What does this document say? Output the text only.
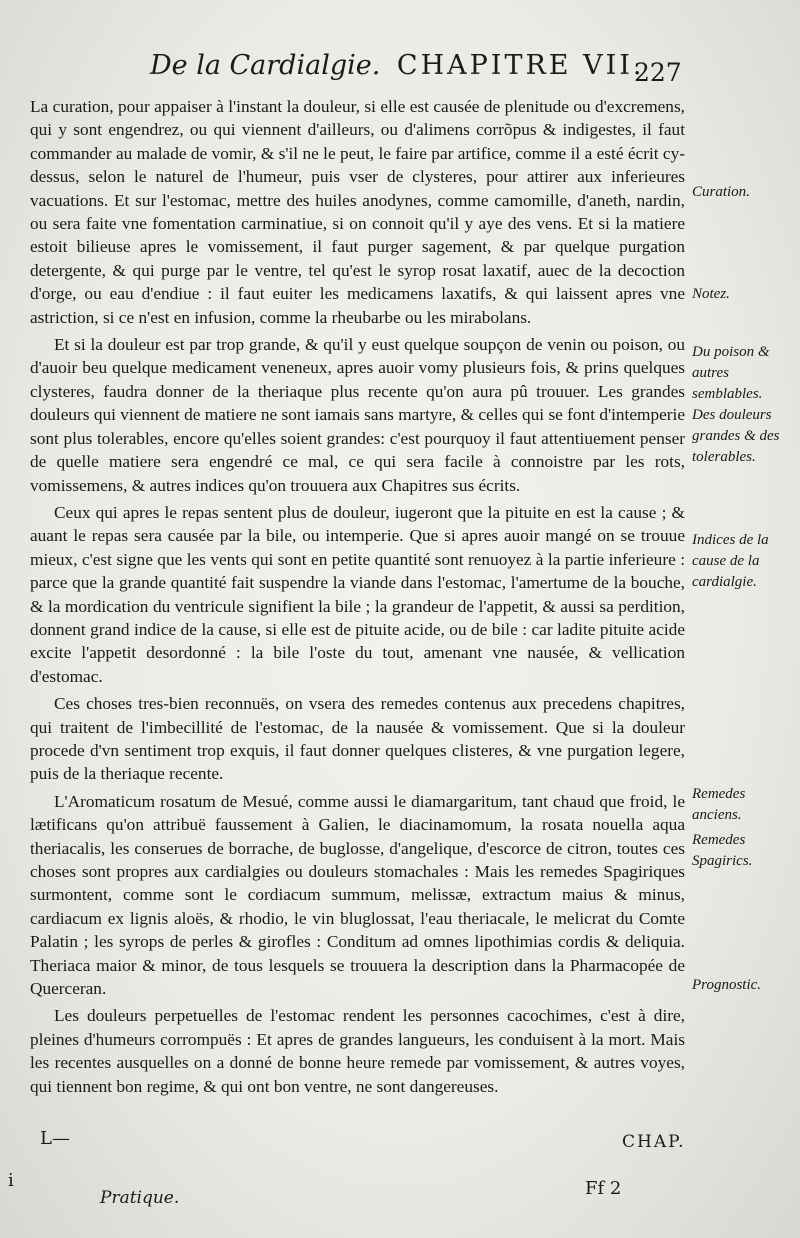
De la Cardialgie. CHAPITRE VII.
227

La curation, pour appaiser à l'instant la douleur, si elle est causée de plenitude ou d'excremens, qui y sont engendrez, ou qui viennent d'ailleurs, ou d'alimens corrõpus & indigestes, il faut commander au malade de vomir, & s'il ne le peut, le faire par artifice, comme il a esté écrit cy-dessus, selon le naturel de l'humeur, puis vser de clysteres, pour attirer aux inferieures vacuations. Et sur l'estomac, mettre des huiles anodynes, comme camomille, d'aneth, nardin, ou sera faite vne fomentation carminatiue, si on connoit qu'il y aye des vens. Et si la matiere estoit bilieuse apres le vomissement, il faut purger sagement, & par quelque purgation detergente, & qui purge par le ventre, tel qu'est le syrop rosat laxatif, auec de la decoction d'orge, ou eau d'endiue : il faut euiter les medicamens laxatifs, & qui laissent apres vne astriction, si ce n'est en infusion, comme la rheubarbe ou les mirabolans.

Et si la douleur est par trop grande, & qu'il y eust quelque soupçon de venin ou poison, ou d'auoir beu quelque medicament veneneux, apres auoir vomy plusieurs fois, & prins quelques clysteres, faudra donner de la theriaque plus recente qu'on aura pû trouuer. Les grandes douleurs qui viennent de matiere ne sont iamais sans martyre, & celles qui se font d'intemperie sont plus tolerables, encore qu'elles soient grandes: c'est pourquoy il faut attentiuement penser de quelle matiere sera engendré ce mal, ce qui sera facile à connoistre par les rots, vomissemens, & autres indices qu'on trouuera aux Chapitres sus écrits.

Ceux qui apres le repas sentent plus de douleur, iugeront que la pituite en est la cause ; & auant le repas sera causée par la bile, ou intemperie. Que si apres auoir mangé on se trouue mieux, c'est signe que les vents qui sont en petite quantité sont renuoyez à la partie inferieure : parce que la grande quantité fait suspendre la viande dans l'estomac, l'amertume de la bouche, & la mordication du ventricule signifient la bile ; la grandeur de l'appetit, & aussi sa perdition, donnent grand indice de la cause, si elle est de pituite acide, ou de bile : car ladite pituite acide excite l'appetit desordonné : la bile l'oste du tout, amenant vne nausée, & vellication d'estomac.

Ces choses tres-bien reconnuës, on vsera des remedes contenus aux precedens chapitres, qui traitent de l'imbecillité de l'estomac, de la nausée & vomissement. Que si la douleur procede d'vn sentiment trop exquis, il faut donner quelques clisteres, & vne purgation legere, puis de la theriaque recente.

L'Aromaticum rosatum de Mesué, comme aussi le diamargaritum, tant chaud que froid, le lætificans qu'on attribuë faussement à Galien, le diacinamomum, la rosata nouella aqua theriacalis, les conserues de borrache, de buglosse, d'angelique, d'escorce de citron, toutes ces choses sont propres aux cardialgies ou douleurs stomachales : Mais les remedes Spagiriques surmontent, comme sont le cordiacum summum, melissæ, extractum maius & minus, cardiacum ex lignis aloës, & rhodio, le vin bluglossat, l'eau theriacale, le melicrat du Comte Palatin ; les syrops de perles & girofles : Conditum ad omnes lipothimias cordis & deliquia. Theriaca maior & minor, de tous lesquels se trouuera la description dans la Pharmacopée de Querceran.

Les douleurs perpetuelles de l'estomac rendent les personnes cacochimes, c'est à dire, pleines d'humeurs corrompuës : Et apres de grandes langueurs, les conduisent à la mort. Mais les recentes ausquelles on a donné de bonne heure remede par vomissement, & autres voyes, qui tiennent bon regime, & qui ont bon ventre, ne sont dangereuses.

Curation.
Notez.
Du poison & autres semblables.
Des douleurs grandes & des tolerables.
Indices de la cause de la cardialgie.
Remedes anciens.
Remedes Spagirics.
Prognostic.
L—	CHAP.
i
Pratique.	Ff 2
